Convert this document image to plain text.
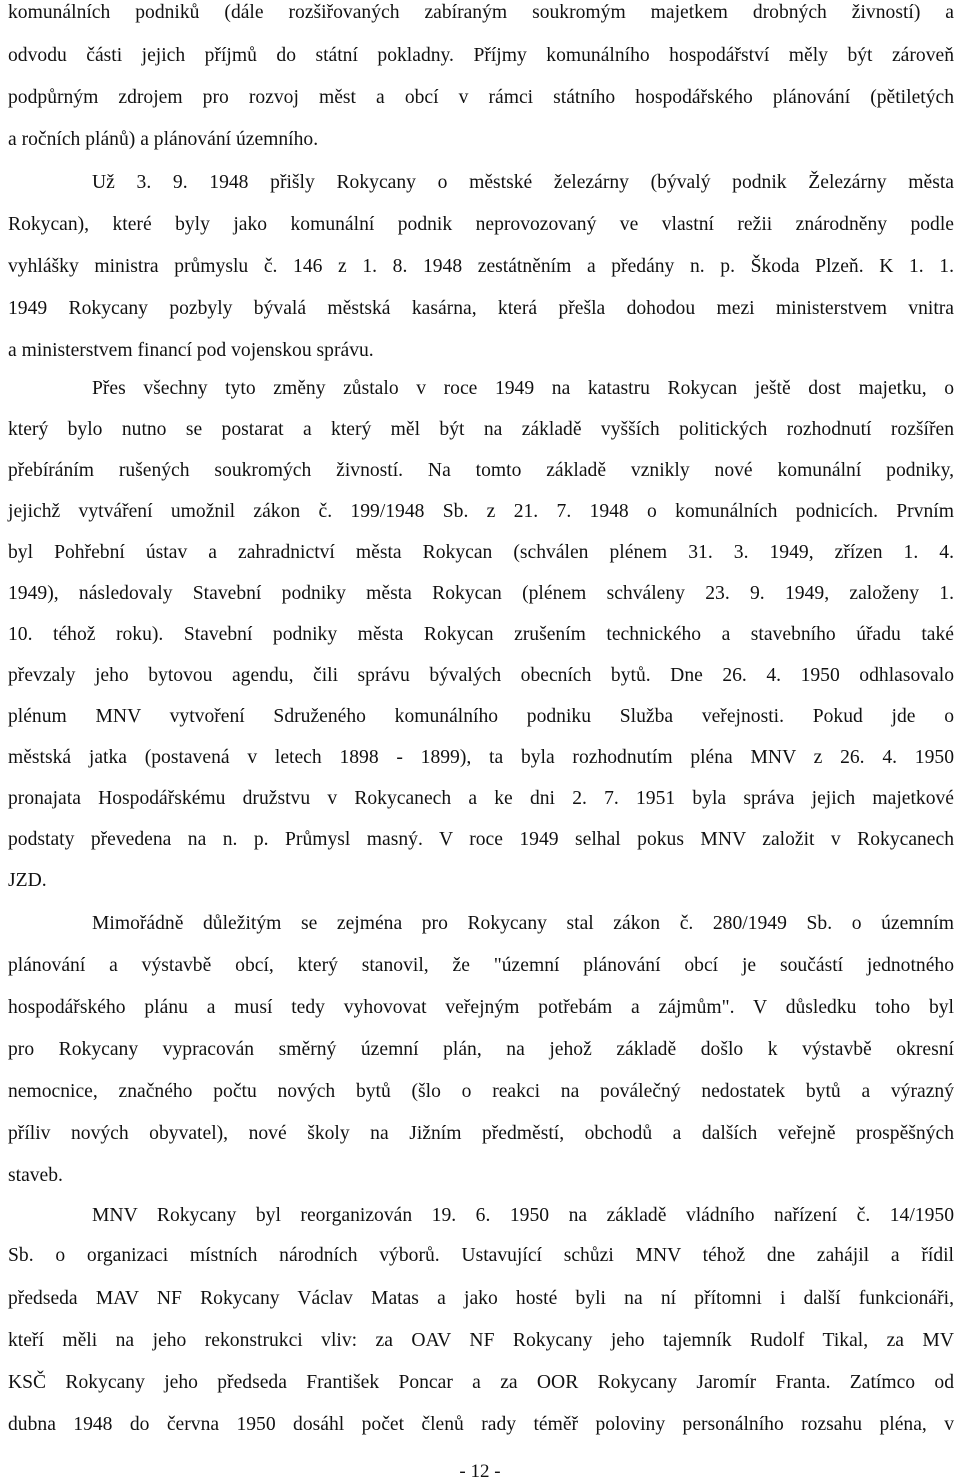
komunálních podniků (dále rozšiřovaných zabíraným soukromým majetkem drobných živností) a
odvodu části jejich příjmů do státní pokladny. Příjmy komunálního hospodářství měly být zároveň
podpůrným zdrojem pro rozvoj měst a obcí v rámci státního hospodářského plánování (pětiletých
a ročních plánů) a plánování územního.
Už 3. 9. 1948 přišly Rokycany o městské železárny (bývalý podnik Železárny města
Rokycan), které byly jako komunální podnik neprovozovaný ve vlastní režii znárodněny podle
vyhlášky ministra průmyslu č. 146 z 1. 8. 1948 zestátněním a předány n. p. Škoda Plzeň. K 1. 1.
1949 Rokycany pozbyly bývalá městská kasárna, která přešla dohodou mezi ministerstvem vnitra
a ministerstvem financí pod vojenskou správu.
Přes všechny tyto změny zůstalo v roce 1949 na katastru Rokycan ještě dost majetku, o
který bylo nutno se postarat a který měl být na základě vyšších politických rozhodnutí rozšířen
přebíráním rušených soukromých živností. Na tomto základě vznikly nové komunální podniky,
jejichž vytváření umožnil zákon č. 199/1948 Sb. z 21. 7. 1948 o komunálních podnicích. Prvním
byl Pohřební ústav a zahradnictví města Rokycan (schválen plénem 31. 3. 1949, zřízen 1. 4.
1949), následovaly Stavební podniky města Rokycan (plénem schváleny 23. 9. 1949, založeny 1.
10. téhož roku). Stavební podniky města Rokycan zrušením technického a stavebního úřadu také
převzaly jeho bytovou agendu, čili správu bývalých obecních bytů. Dne 26. 4. 1950 odhlasovalo
plénum MNV vytvoření Sdruženého komunálního podniku Služba veřejnosti. Pokud jde o
městská jatka (postavená v letech 1898 - 1899), ta byla rozhodnutím pléna MNV z 26. 4. 1950
pronajata Hospodářskému družstvu v Rokycanech a ke dni 2. 7. 1951 byla správa jejich majetkové
podstaty převedena na n. p. Průmysl masný. V roce 1949 selhal pokus MNV založit v Rokycanech
JZD.
Mimořádně důležitým se zejména pro Rokycany stal zákon č. 280/1949 Sb. o územním
plánování a výstavbě obcí, který stanovil, že "územní plánování obcí je součástí jednotného
hospodářského plánu a musí tedy vyhovovat veřejným potřebám a zájmům". V důsledku toho byl
pro Rokycany vypracován směrný územní plán, na jehož základě došlo k výstavbě okresní
nemocnice, značného počtu nových bytů (šlo o reakci na poválečný nedostatek bytů a výrazný
příliv nových obyvatel), nové školy na Jižním předměstí, obchodů a dalších veřejně prospěšných
staveb.
MNV Rokycany byl reorganizován 19. 6. 1950 na základě vládního nařízení č. 14/1950
Sb. o organizaci místních národních výborů. Ustavující schůzi MNV téhož dne zahájil a řídil
předseda MAV NF Rokycany Václav Matas a jako hosté byli na ní přítomni i další funkcionáři,
kteří měli na jeho rekonstrukci vliv: za OAV NF Rokycany jeho tajemník Rudolf Tikal, za MV
KSČ Rokycany jeho předseda František Poncar a za OOR Rokycany Jaromír Franta. Zatímco od
dubna 1948 do června 1950 dosáhl počet členů rady téměř poloviny personálního rozsahu pléna, v
- 12 -
